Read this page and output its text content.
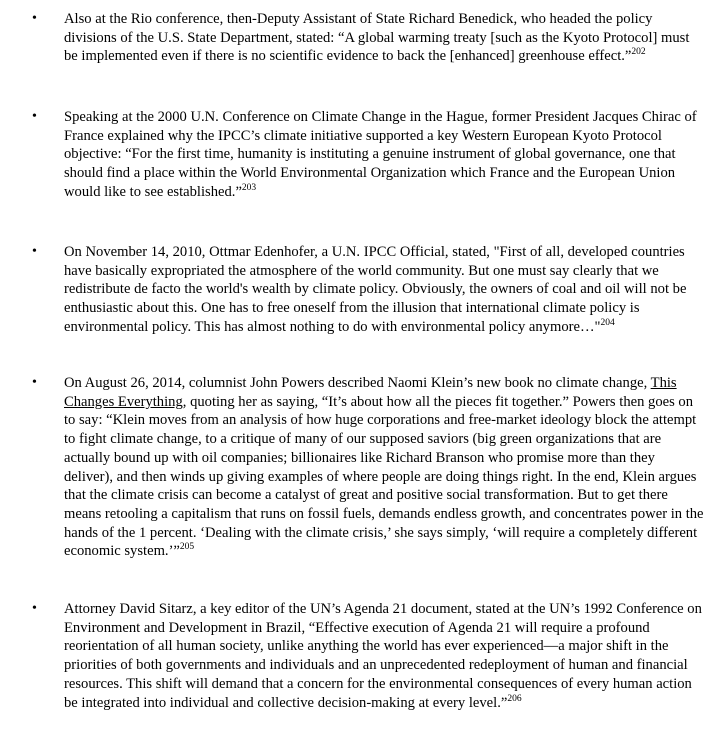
• Also at the Rio conference, then-Deputy Assistant of State Richard Benedick, who headed the policy divisions of the U.S. State Department, stated: “A global warming treaty [such as the Kyoto Protocol] must be implemented even if there is no scientific evidence to back the [enhanced] greenhouse effect.”$^{202}$

• Speaking at the 2000 U.N. Conference on Climate Change in the Hague, former President Jacques Chirac of France explained why the IPCC’s climate initiative supported a key Western European Kyoto Protocol objective: “For the first time, humanity is instituting a genuine instrument of global governance, one that should find a place within the World Environmental Organization which France and the European Union would like to see established.”$^{203}$

• On November 14, 2010, Ottmar Edenhofer, a U.N. IPCC Official, stated, "First of all, developed countries have basically expropriated the atmosphere of the world community. But one must say clearly that we redistribute de facto the world's wealth by climate policy. Obviously, the owners of coal and oil will not be enthusiastic about this. One has to free oneself from the illusion that international climate policy is environmental policy. This has almost nothing to do with environmental policy anymore…"$^{204}$

• On August 26, 2014, columnist John Powers described Naomi Klein’s new book no climate change, This Changes Everything, quoting her as saying, “It’s about how all the pieces fit together.” Powers then goes on to say: “Klein moves from an analysis of how huge corporations and free-market ideology block the attempt to fight climate change, to a critique of many of our supposed saviors (big green organizations that are actually bound up with oil companies; billionaires like Richard Branson who promise more than they deliver), and then winds up giving examples of where people are doing things right. In the end, Klein argues that the climate crisis can become a catalyst of great and positive social transformation. But to get there means retooling a capitalism that runs on fossil fuels, demands endless growth, and concentrates power in the hands of the 1 percent. ‘Dealing with the climate crisis,’ she says simply, ‘will require a completely different economic system.’”$^{205}$

• Attorney David Sitarz, a key editor of the UN’s Agenda 21 document, stated at the UN’s 1992 Conference on Environment and Development in Brazil, “Effective execution of Agenda 21 will require a profound reorientation of all human society, unlike anything the world has ever experienced—a major shift in the priorities of both governments and individuals and an unprecedented redeployment of human and financial resources. This shift will demand that a concern for the environmental consequences of every human action be integrated into individual and collective decision-making at every level.”$^{206}$
